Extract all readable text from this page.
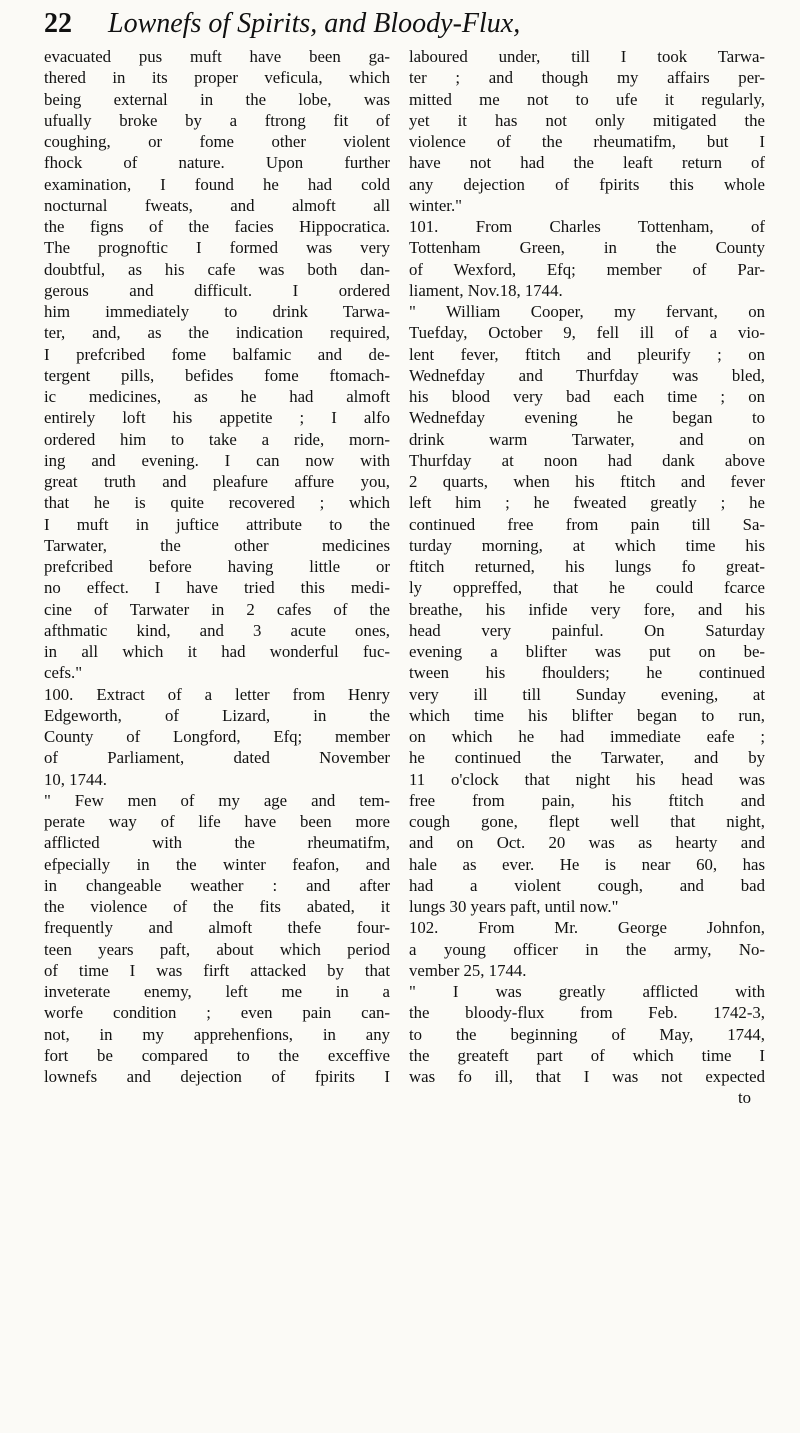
22 Lownefs of Spirits, and Bloody-Flux,
evacuated pus muft have been ga-
thered in its proper veficula, which
being external in the lobe, was
ufually broke by a ftrong fit of
coughing, or fome other violent
fhock of nature. Upon further
examination, I found he had cold
nocturnal fweats, and almoft all
the figns of the facies Hippocratica.
The prognoftic I formed was very
doubtful, as his cafe was both dan-
gerous and difficult. I ordered
him immediately to drink Tarwa-
ter, and, as the indication required,
I prefcribed fome balfamic and de-
tergent pills, befides fome ftomach-
ic medicines, as he had almoft
entirely loft his appetite ; I alfo
ordered him to take a ride, morn-
ing and evening. I can now with
great truth and pleafure affure you,
that he is quite recovered ; which
I muft in juftice attribute to the
Tarwater, the other medicines
prefcribed before having little or
no effect. I have tried this medi-
cine of Tarwater in 2 cafes of the
afthmatic kind, and 3 acute ones,
in all which it had wonderful fuc-
cefs."
100. Extract of a letter from Henry
Edgeworth, of Lizard, in the
County of Longford, Efq; member
of Parliament, dated November
10, 1744.
" Few men of my age and tem-
perate way of life have been more
afflicted with the rheumatifm,
efpecially in the winter feafon, and
in changeable weather : and after
the violence of the fits abated, it
frequently and almoft thefe four-
teen years paft, about which period
of time I was firft attacked by that
inveterate enemy, left me in a
worfe condition ; even pain can-
not, in my apprehenfions, in any
fort be compared to the exceffive
lownefs and dejection of fpirits I
laboured under, till I took Tarwa-
ter ; and though my affairs per-
mitted me not to ufe it regularly,
yet it has not only mitigated the
violence of the rheumatifm, but I
have not had the leaft return of
any dejection of fpirits this whole
winter."
101. From Charles Tottenham, of
Tottenham Green, in the County
of Wexford, Efq; member of Par-
liament, Nov.18, 1744.
" William Cooper, my fervant, on
Tuefday, October 9, fell ill of a vio-
lent fever, ftitch and pleurify ; on
Wednefday and Thurfday was bled,
his blood very bad each time ; on
Wednefday evening he began to
drink warm Tarwater, and on
Thurfday at noon had dank above
2 quarts, when his ftitch and fever
left him ; he fweated greatly ; he
continued free from pain till Sa-
turday morning, at which time his
ftitch returned, his lungs fo great-
ly oppreffed, that he could fcarce
breathe, his infide very fore, and his
head very painful. On Saturday
evening a blifter was put on be-
tween his fhoulders; he continued
very ill till Sunday evening, at
which time his blifter began to run,
on which he had immediate eafe ;
he continued the Tarwater, and by
11 o'clock that night his head was
free from pain, his ftitch and
cough gone, flept well that night,
and on Oct. 20 was as hearty and
hale as ever. He is near 60, has
had a violent cough, and bad
lungs 30 years paft, until now."
102. From Mr. George Johnfon,
a young officer in the army, No-
vember 25, 1744.
" I was greatly afflicted with
the bloody-flux from Feb. 1742-3,
to the beginning of May, 1744,
the greateft part of which time I
was fo ill, that I was not expected
to
